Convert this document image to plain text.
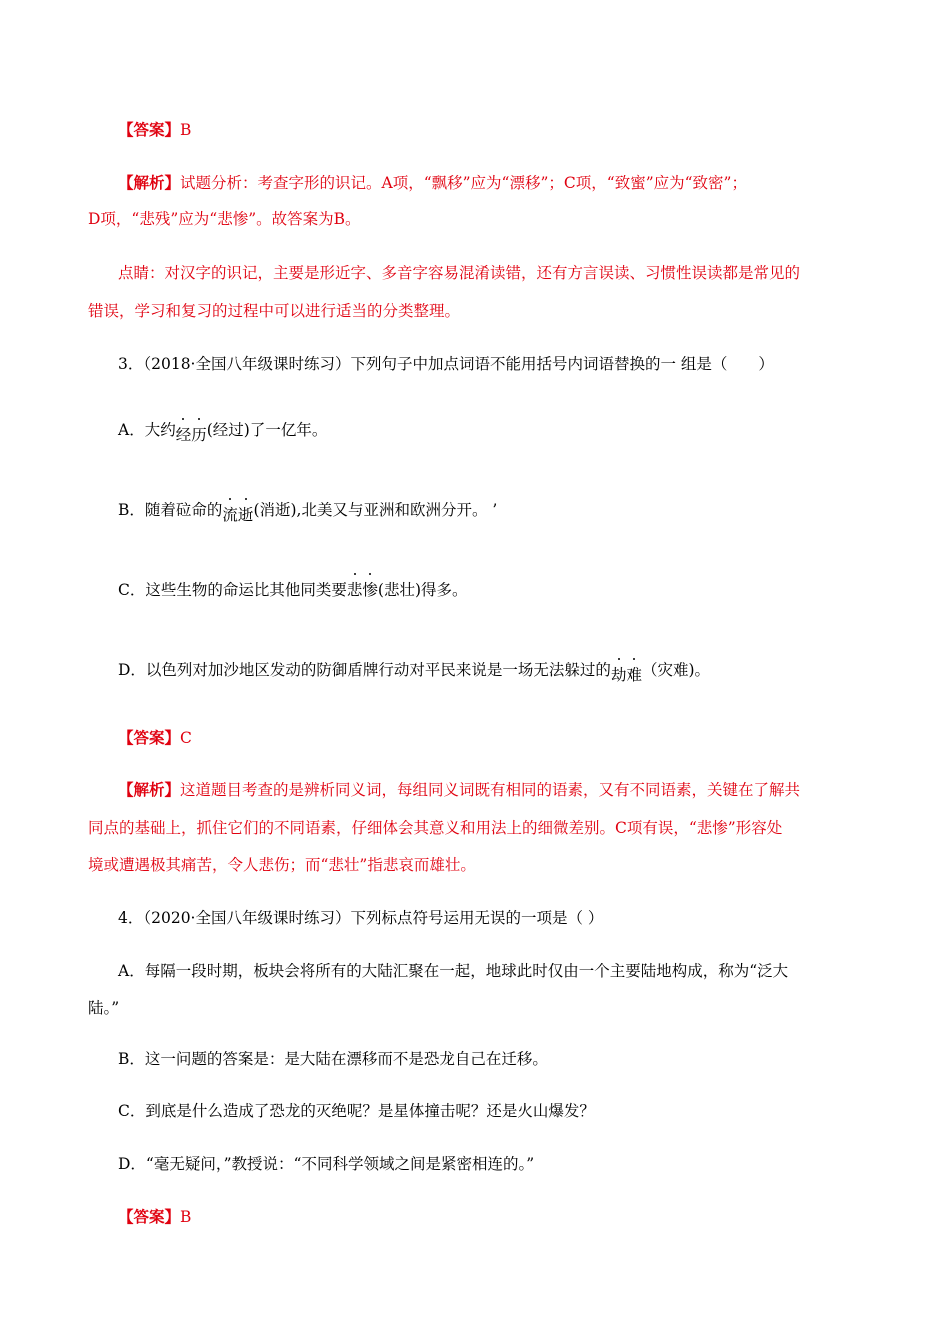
【答案】B
【解析】试题分析：考查字形的识记。A项，“飘移”应为“漂移”；C项，“致蜜”应为“致密”；
D项，“悲残”应为“悲惨”。故答案为B。
点睛：对汉字的识记，主要是形近字、多音字容易混淆读错，还有方言误读、习惯性误读都是常见的
错误，学习和复习的过程中可以进行适当的分类整理。
3．（2018·全国八年级课时练习）下列句子中加点词语不能用括号内词语替换的一 组是（　　）
A．大约经历(经过)了一亿年。
B．随着砬命的流逝(消逝),北美又与亚洲和欧洲分开。 ’
C．这些生物的命运比其他同类要悲惨(悲壮)得多。
D．以色列对加沙地区发动的防御盾牌行动对平民来说是一场无法躲过的劫难（灾难)。
【答案】C
【解析】这道题目考查的是辨析同义词，每组同义词既有相同的语素，又有不同语素，关键在了解共
同点的基础上，抓住它们的不同语素，仔细体会其意义和用法上的细微差别。C项有误，“悲惨”形容处
境或遭遇极其痛苦，令人悲伤；而“悲壮”指悲哀而雄壮。
4．（2020·全国八年级课时练习）下列标点符号运用无误的一项是（ ）
A．每隔一段时期，板块会将所有的大陆汇聚在一起，地球此时仅由一个主要陆地构成，称为“泛大
陆。”
B．这一问题的答案是：是大陆在漂移而不是恐龙自己在迁移。
C．到底是什么造成了恐龙的灭绝呢？是星体撞击呢？还是火山爆发？
D．“毫无疑问，”教授说：“不同科学领域之间是紧密相连的。”
【答案】B
